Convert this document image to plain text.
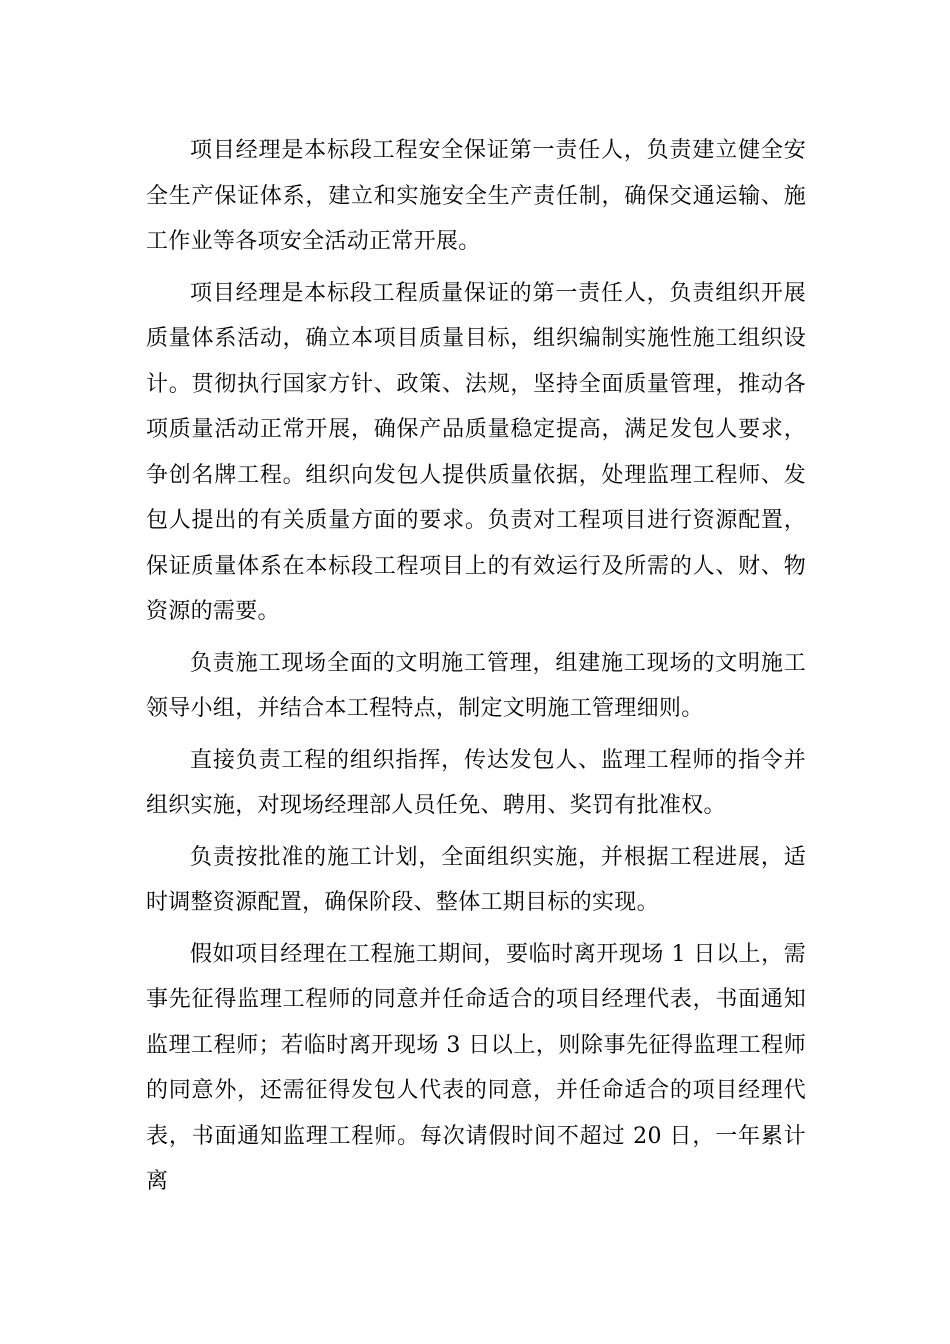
项目经理是本标段工程安全保证第一责任人，负责建立健全安全生产保证体系，建立和实施安全生产责任制，确保交通运输、施工作业等各项安全活动正常开展。

项目经理是本标段工程质量保证的第一责任人，负责组织开展质量体系活动，确立本项目质量目标，组织编制实施性施工组织设计。贯彻执行国家方针、政策、法规，坚持全面质量管理，推动各项质量活动正常开展，确保产品质量稳定提高，满足发包人要求，争创名牌工程。组织向发包人提供质量依据，处理监理工程师、发包人提出的有关质量方面的要求。负责对工程项目进行资源配置，保证质量体系在本标段工程项目上的有效运行及所需的人、财、物资源的需要。

负责施工现场全面的文明施工管理，组建施工现场的文明施工领导小组，并结合本工程特点，制定文明施工管理细则。

直接负责工程的组织指挥，传达发包人、监理工程师的指令并组织实施，对现场经理部人员任免、聘用、奖罚有批准权。

负责按批准的施工计划，全面组织实施，并根据工程进展，适时调整资源配置，确保阶段、整体工期目标的实现。

假如项目经理在工程施工期间，要临时离开现场 1 日以上，需事先征得监理工程师的同意并任命适合的项目经理代表，书面通知监理工程师；若临时离开现场 3 日以上，则除事先征得监理工程师的同意外，还需征得发包人代表的同意，并任命适合的项目经理代表，书面通知监理工程师。每次请假时间不超过 20 日，一年累计离
